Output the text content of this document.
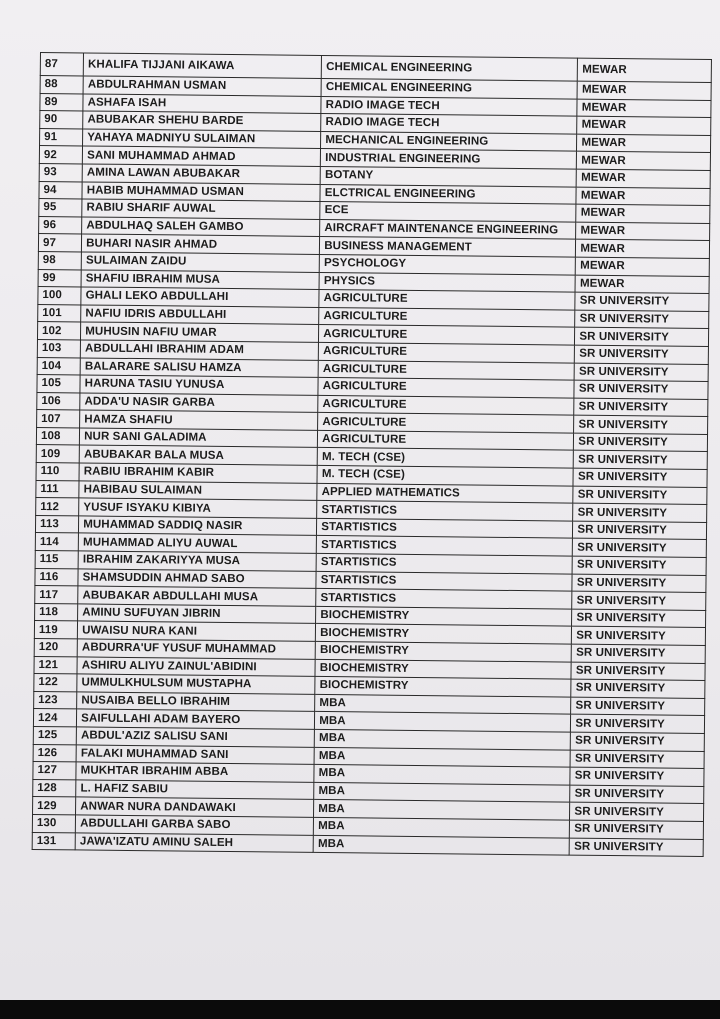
87	KHALIFA TIJJANI AIKAWA	CHEMICAL ENGINEERING	MEWAR
88	ABDULRAHMAN USMAN	CHEMICAL ENGINEERING	MEWAR
89	ASHAFA ISAH	RADIO IMAGE TECH	MEWAR
90	ABUBAKAR SHEHU BARDE	RADIO IMAGE TECH	MEWAR
91	YAHAYA MADNIYU SULAIMAN	MECHANICAL ENGINEERING	MEWAR
92	SANI MUHAMMAD AHMAD	INDUSTRIAL ENGINEERING	MEWAR
93	AMINA LAWAN ABUBAKAR	BOTANY	MEWAR
94	HABIB MUHAMMAD USMAN	ELCTRICAL ENGINEERING	MEWAR
95	RABIU SHARIF AUWAL	ECE	MEWAR
96	ABDULHAQ SALEH GAMBO	AIRCRAFT MAINTENANCE ENGINEERING	MEWAR
97	BUHARI NASIR AHMAD	BUSINESS MANAGEMENT	MEWAR
98	SULAIMAN ZAIDU	PSYCHOLOGY	MEWAR
99	SHAFIU IBRAHIM MUSA	PHYSICS	MEWAR
100	GHALI LEKO ABDULLAHI	AGRICULTURE	SR UNIVERSITY
101	NAFIU IDRIS ABDULLAHI	AGRICULTURE	SR UNIVERSITY
102	MUHUSIN NAFIU UMAR	AGRICULTURE	SR UNIVERSITY
103	ABDULLAHI IBRAHIM ADAM	AGRICULTURE	SR UNIVERSITY
104	BALARARE SALISU HAMZA	AGRICULTURE	SR UNIVERSITY
105	HARUNA TASIU YUNUSA	AGRICULTURE	SR UNIVERSITY
106	ADDA'U NASIR GARBA	AGRICULTURE	SR UNIVERSITY
107	HAMZA SHAFIU	AGRICULTURE	SR UNIVERSITY
108	NUR SANI GALADIMA	AGRICULTURE	SR UNIVERSITY
109	ABUBAKAR BALA MUSA	M. TECH (CSE)	SR UNIVERSITY
110	RABIU IBRAHIM KABIR	M. TECH (CSE)	SR UNIVERSITY
111	HABIBAU SULAIMAN	APPLIED MATHEMATICS	SR UNIVERSITY
112	YUSUF ISYAKU KIBIYA	STARTISTICS	SR UNIVERSITY
113	MUHAMMAD SADDIQ NASIR	STARTISTICS	SR UNIVERSITY
114	MUHAMMAD ALIYU AUWAL	STARTISTICS	SR UNIVERSITY
115	IBRAHIM ZAKARIYYA MUSA	STARTISTICS	SR UNIVERSITY
116	SHAMSUDDIN AHMAD SABO	STARTISTICS	SR UNIVERSITY
117	ABUBAKAR ABDULLAHI MUSA	STARTISTICS	SR UNIVERSITY
118	AMINU SUFUYAN JIBRIN	BIOCHEMISTRY	SR UNIVERSITY
119	UWAISU NURA KANI	BIOCHEMISTRY	SR UNIVERSITY
120	ABDURRA'UF YUSUF MUHAMMAD	BIOCHEMISTRY	SR UNIVERSITY
121	ASHIRU ALIYU ZAINUL'ABIDINI	BIOCHEMISTRY	SR UNIVERSITY
122	UMMULKHULSUM MUSTAPHA	BIOCHEMISTRY	SR UNIVERSITY
123	NUSAIBA BELLO IBRAHIM	MBA	SR UNIVERSITY
124	SAIFULLAHI ADAM BAYERO	MBA	SR UNIVERSITY
125	ABDUL'AZIZ SALISU SANI	MBA	SR UNIVERSITY
126	FALAKI MUHAMMAD SANI	MBA	SR UNIVERSITY
127	MUKHTAR IBRAHIM ABBA	MBA	SR UNIVERSITY
128	L. HAFIZ SABIU	MBA	SR UNIVERSITY
129	ANWAR NURA DANDAWAKI	MBA	SR UNIVERSITY
130	ABDULLAHI GARBA SABO	MBA	SR UNIVERSITY
131	JAWA'IZATU AMINU SALEH	MBA	SR UNIVERSITY
